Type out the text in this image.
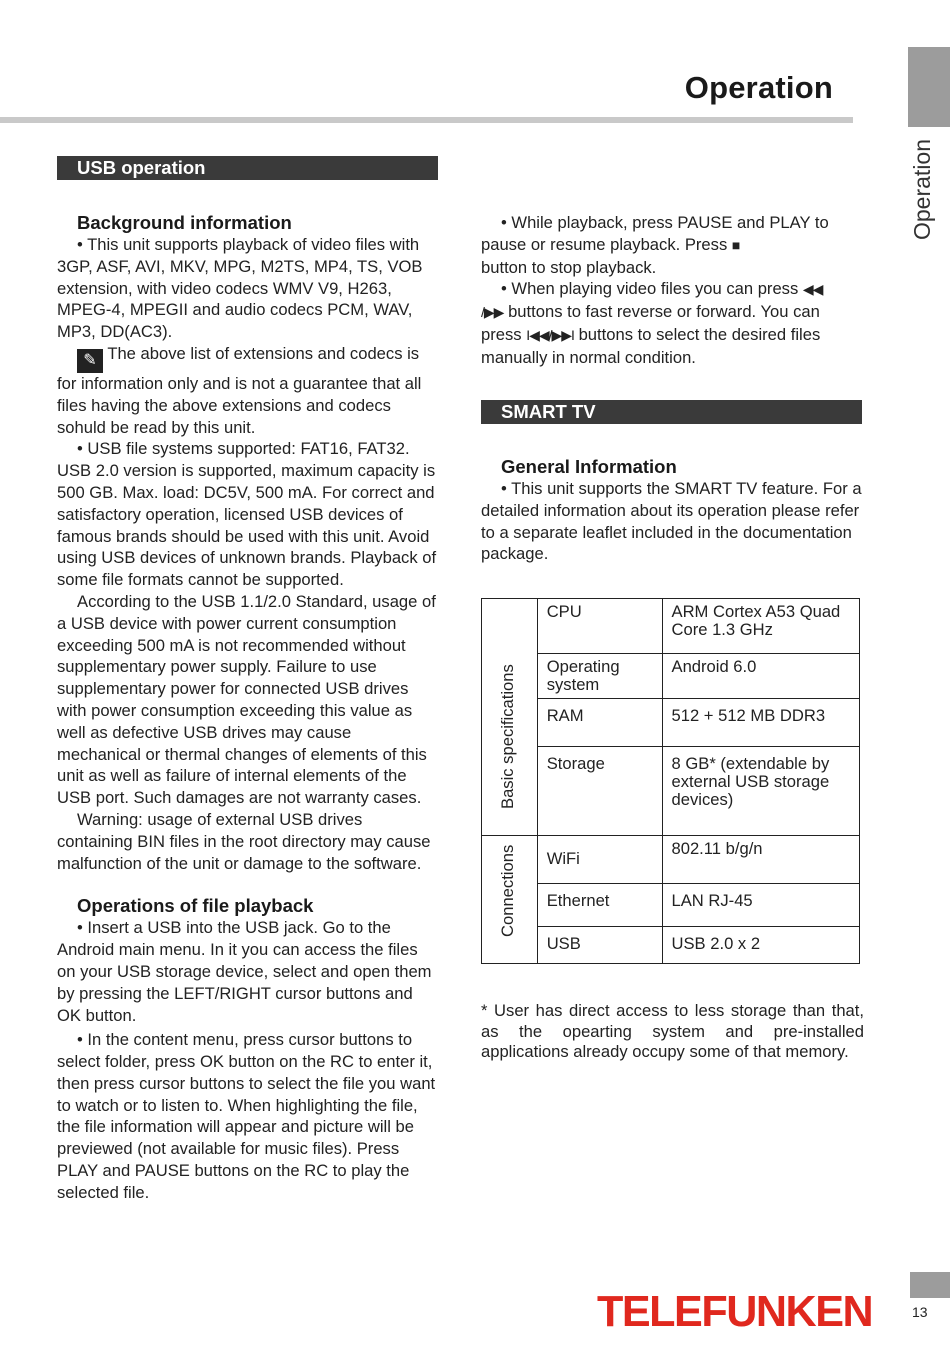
Operation
Operation
USB operation
Background information

• This unit supports playback of video files with 3GP, ASF, AVI, MKV, MPG, M2TS, MP4, TS, VOB extension, with video codecs WMV V9, H263, MPEG-4, MPEGII and audio codecs PCM, WAV, MP3, DD(AC3).

✎ The above list of extensions and codecs is for information only and is not a guarantee that all files having the above extensions and codecs sohuld be read by this unit.

• USB file systems supported: FAT16, FAT32. USB 2.0 version is supported, maximum capacity is 500 GB. Max. load: DC5V, 500 mA. For correct and satisfactory operation, licensed USB devices of famous brands should be used with this unit. Avoid using USB devices of unknown brands. Playback of some file formats cannot be supported.

According to the USB 1.1/2.0 Standard, usage of a USB device with power current consumption exceeding 500 mA is not recommended without supplementary power supply. Failure to use supplementary power for connected USB drives with power consumption exceeding this value as well as defective USB drives may cause mechanical or thermal changes of elements of this unit as well as failure of internal elements of the USB port. Such damages are not warranty cases.

Warning: usage of external USB drives containing BIN files in the root directory may cause malfunction of the unit or damage to the software.

Operations of file playback

• Insert a USB into the USB jack. Go to the Android main menu. In it you can access the files on your USB storage device, select and open them by pressing the LEFT/RIGHT cursor buttons and OK button.

• In the content menu, press cursor buttons to select folder, press OK button on the RC to enter it, then press cursor buttons to select the file you want to watch or to listen to. When highlighting the file, the file information will appear and picture will be previewed (not available for music files). Press PLAY and PAUSE buttons on the RC to play the selected file.

• While playback, press PAUSE and PLAY to pause or resume playback. Press ■
button to stop playback.

• When playing video files you can press ◀◀
/▶▶ buttons to fast reverse or forward. You can press I◀◀/▶▶I buttons to select the desired files manually in normal condition.

SMART TV
General Information

• This unit supports the SMART TV feature. For a detailed information about its operation please refer to a separate leaflet included in the documentation package.

Basic specifications	CPU	ARM Cortex A53 Quad Core 1.3 GHz
	Operating system	Android 6.0
	RAM	512 + 512 MB DDR3
	Storage	8 GB* (extendable by external USB storage devices)

Connections	WiFi	802.11 b/g/n
	Ethernet	LAN RJ-45
	USB	USB 2.0 x 2
* User has direct access to less storage than that, as the opearting system and pre-installed applications already occupy some of that memory.
TELEFUNKEN	13
